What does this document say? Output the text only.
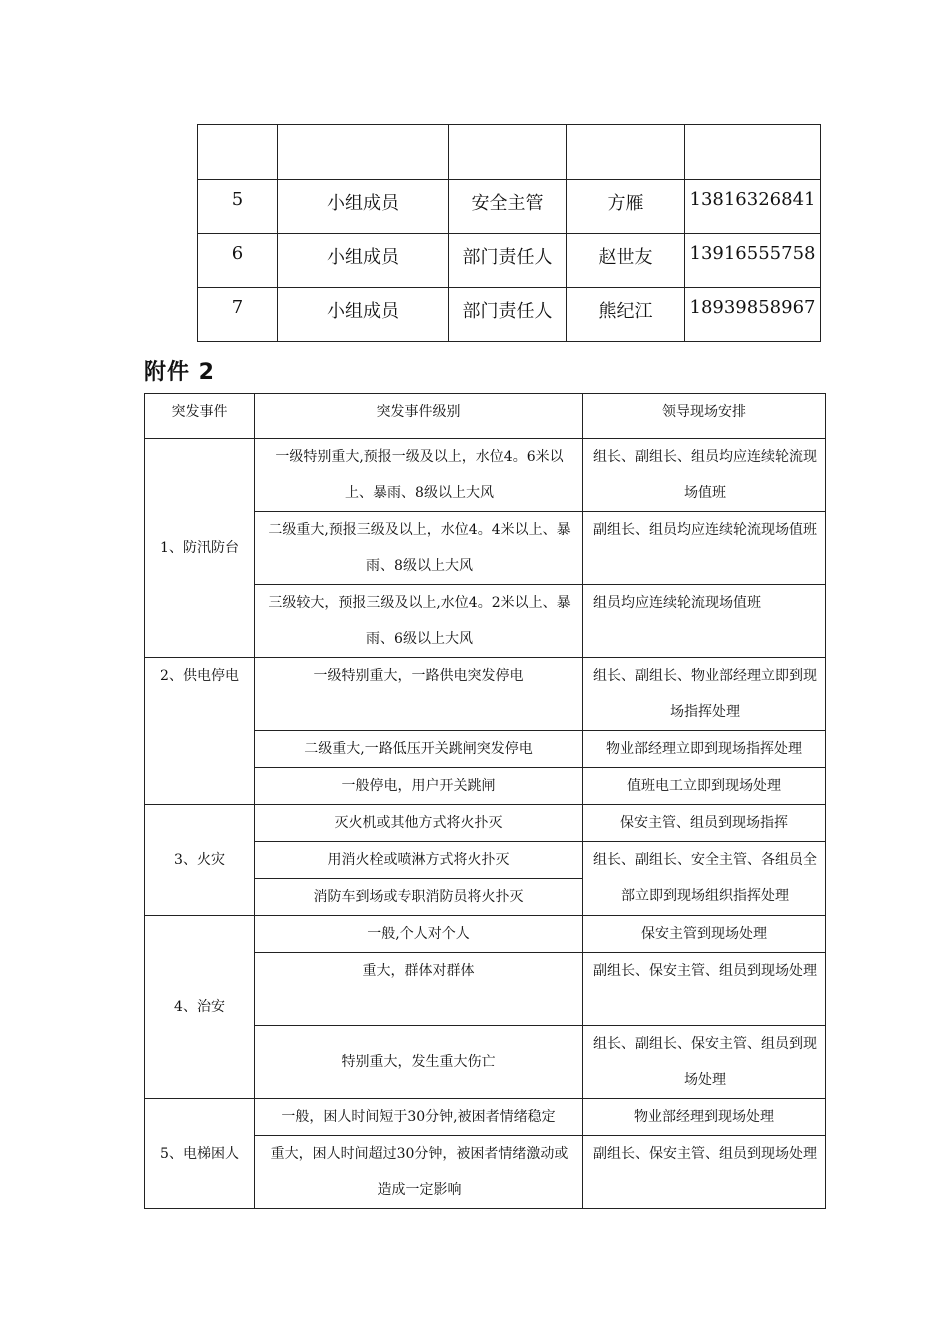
5	小组成员	安全主管	方雁	13816326841
6	小组成员	部门责任人	赵世友	13916555758
7	小组成员	部门责任人	熊纪江	18939858967
附件 2
突发事件	突发事件级别	领导现场安排
1、防汛防台	一级特别重大,预报一级及以上，水位4。6米以上、暴雨、8级以上大风	组长、副组长、组员均应连续轮流现场值班
	二级重大,预报三级及以上，水位4。4米以上、暴雨、8级以上大风	副组长、组员均应连续轮流现场值班
	三级较大，预报三级及以上,水位4。2米以上、暴雨、6级以上大风	组员均应连续轮流现场值班
2、供电停电	一级特别重大，一路供电突发停电	组长、副组长、物业部经理立即到现场指挥处理
	二级重大,一路低压开关跳闸突发停电	物业部经理立即到现场指挥处理
	一般停电，用户开关跳闸	值班电工立即到现场处理
3、火灾	灭火机或其他方式将火扑灭	保安主管、组员到现场指挥
	用消火栓或喷淋方式将火扑灭	组长、副组长、安全主管、各组员全部立即到现场组织指挥处理
	消防车到场或专职消防员将火扑灭	
4、治安	一般,个人对个人	保安主管到现场处理
	重大，群体对群体	副组长、保安主管、组员到现场处理
	特别重大，发生重大伤亡	组长、副组长、保安主管、组员到现场处理
5、电梯困人	一般，困人时间短于30分钟,被困者情绪稳定	物业部经理到现场处理
	重大，困人时间超过30分钟，被困者情绪激动或造成一定影响	副组长、保安主管、组员到现场处理
